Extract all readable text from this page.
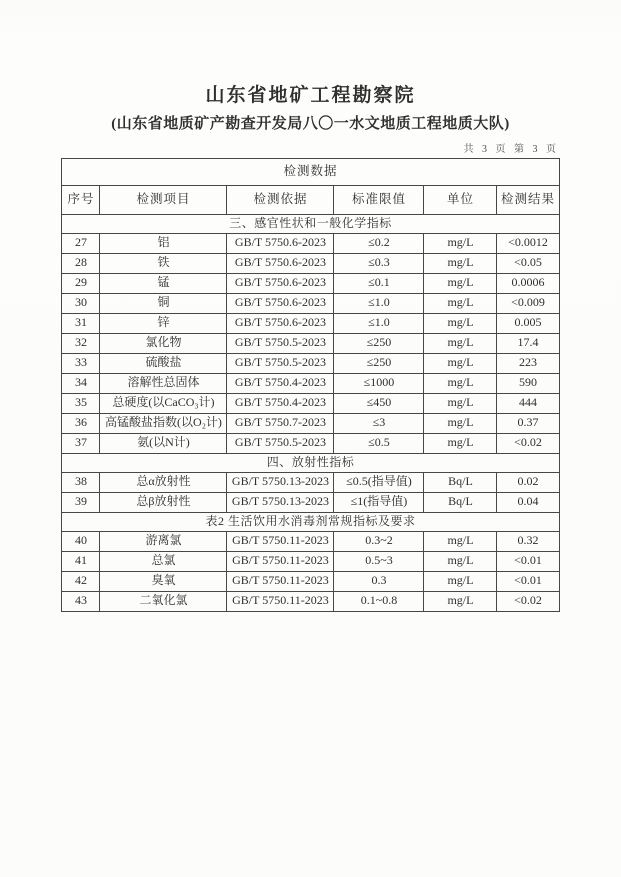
山东省地矿工程勘察院
(山东省地质矿产勘查开发局八〇一水文地质工程地质大队)
共 3 页 第 3 页
检测数据					
序号	检测项目	检测依据	标准限值	单位	检测结果
三、感官性状和一般化学指标					
27	铝	GB/T 5750.6-2023	≤0.2	mg/L	<0.0012
28	铁	GB/T 5750.6-2023	≤0.3	mg/L	<0.05
29	锰	GB/T 5750.6-2023	≤0.1	mg/L	0.0006
30	铜	GB/T 5750.6-2023	≤1.0	mg/L	<0.009
31	锌	GB/T 5750.6-2023	≤1.0	mg/L	0.005
32	氯化物	GB/T 5750.5-2023	≤250	mg/L	17.4
33	硫酸盐	GB/T 5750.5-2023	≤250	mg/L	223
34	溶解性总固体	GB/T 5750.4-2023	≤1000	mg/L	590
35	总硬度(以CaCO₃计)	GB/T 5750.4-2023	≤450	mg/L	444
36	高锰酸盐指数(以O₂计)	GB/T 5750.7-2023	≤3	mg/L	0.37
37	氨(以N计)	GB/T 5750.5-2023	≤0.5	mg/L	<0.02
四、放射性指标					
38	总α放射性	GB/T 5750.13-2023	≤0.5(指导值)	Bq/L	0.02
39	总β放射性	GB/T 5750.13-2023	≤1(指导值)	Bq/L	0.04
表2 生活饮用水消毒剂常规指标及要求					
40	游离氯	GB/T 5750.11-2023	0.3~2	mg/L	0.32
41	总氯	GB/T 5750.11-2023	0.5~3	mg/L	<0.01
42	臭氧	GB/T 5750.11-2023	0.3	mg/L	<0.01
43	二氧化氯	GB/T 5750.11-2023	0.1~0.8	mg/L	<0.02
